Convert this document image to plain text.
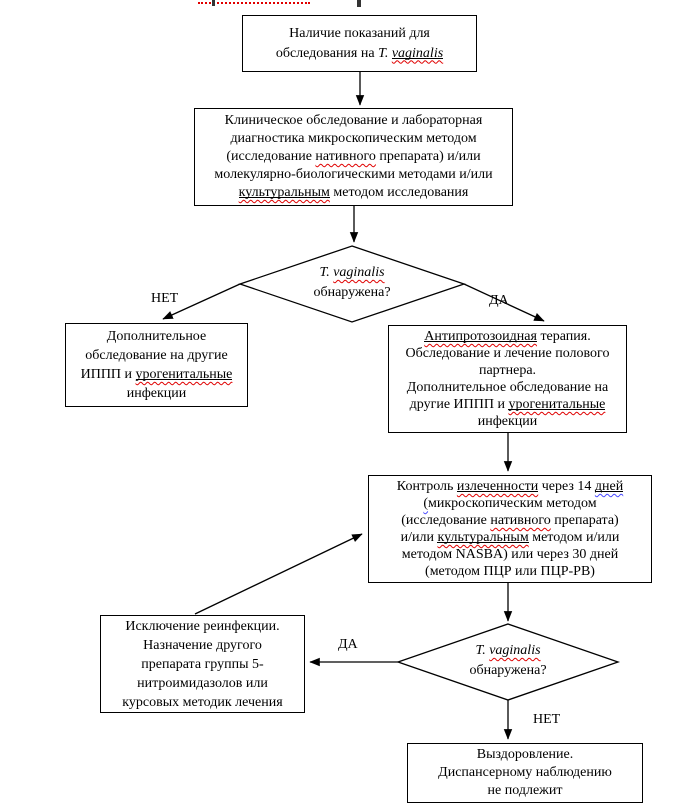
Наличие показаний для
обследования на T. vaginalis
Клиническое обследование и лабораторная
диагностика микроскопическим методом
(исследование нативного препарата) и/или
молекулярно-биологическими методами и/или
культуральным методом исследования
T. vaginalis
обнаружена?
НЕТ	ДА
Дополнительное
обследование на другие
ИППП и урогенитальные
инфекции
Антипротозоидная терапия.
Обследование и лечение полового
партнера.
Дополнительное обследование на
другие ИППП и урогенитальные
инфекции
Контроль излеченности через 14 дней
(микроскопическим методом
(исследование нативного препарата)
и/или культуральным методом и/или
методом NASBA) или через 30 дней
(методом ПЦР или ПЦР-РВ)
T. vaginalis
обнаружена?
ДА
НЕТ
Исключение реинфекции.
Назначение другого
препарата группы 5-
нитроимидазолов или
курсовых методик лечения
Выздоровление.
Диспансерному наблюдению
не подлежит
